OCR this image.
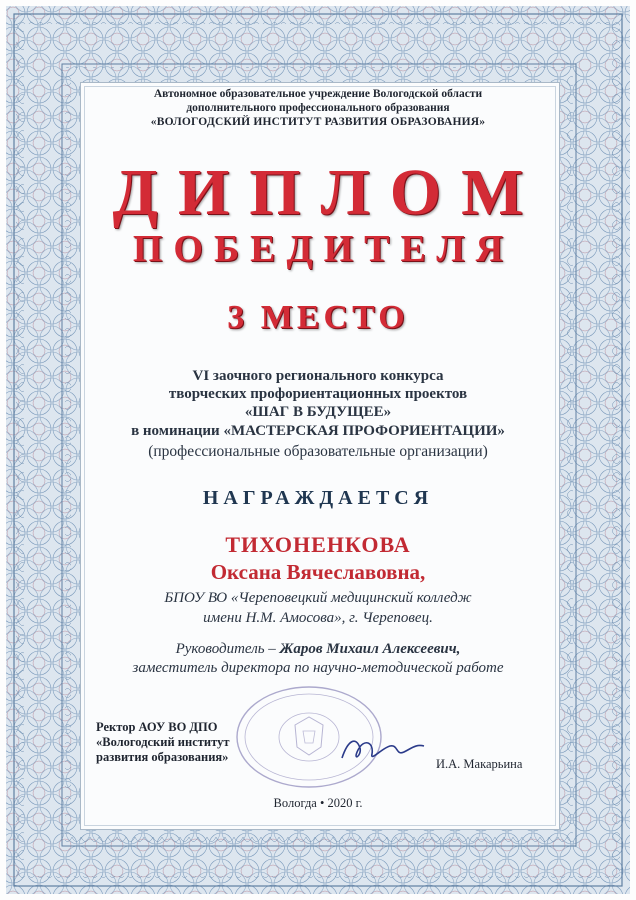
Автономное образовательное учреждение Вологодской области
дополнительного профессионального образования
«ВОЛОГОДСКИЙ ИНСТИТУТ РАЗВИТИЯ ОБРАЗОВАНИЯ»
ДИПЛОМ
ПОБЕДИТЕЛЯ
3 МЕСТО
VI заочного регионального конкурса
творческих профориентационных проектов
«ШАГ В БУДУЩЕЕ»
в номинации «МАСТЕРСКАЯ ПРОФОРИЕНТАЦИИ»
(профессиональные образовательные организации)
НАГРАЖДАЕТСЯ
ТИХОНЕНКОВА
Оксана Вячеславовна,
БПОУ ВО «Череповецкий медицинский колледж
имени Н.М. Амосова», г. Череповец.
Руководитель – Жаров Михаил Алексеевич,
заместитель директора по научно-методической работе
Ректор АОУ ВО ДПО
«Вологодский институт
развития образования»	И.А. Макарьина
Вологда • 2020 г.
